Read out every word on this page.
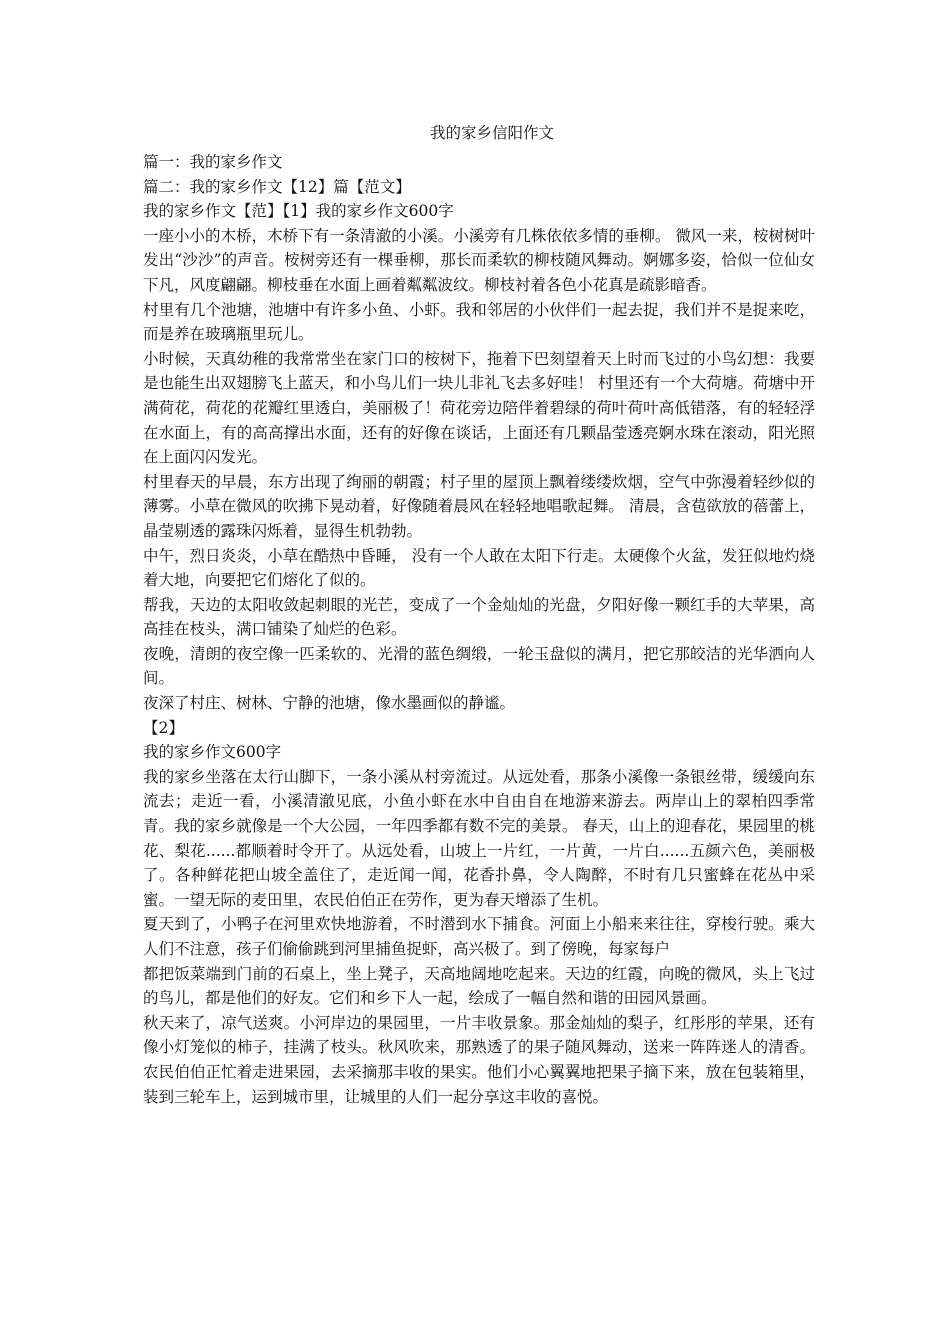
我的家乡信阳作文
篇一：我的家乡作文
篇二：我的家乡作文【12】篇【范文】
我的家乡作文【范】【1】我的家乡作文600字
一座小小的木桥，木桥下有一条清澈的小溪。小溪旁有几株依依多情的垂柳。 微风一来，桉树树叶发出“沙沙”的声音。桉树旁还有一棵垂柳，那长而柔软的柳枝随风舞动。婀娜多姿，恰似一位仙女下凡，风度翩翩。柳枝垂在水面上画着粼粼波纹。柳枝衬着各色小花真是疏影暗香。
村里有几个池塘，池塘中有许多小鱼、小虾。我和邻居的小伙伴们一起去捉，我们并不是捉来吃，而是养在玻璃瓶里玩儿。
小时候，天真幼稚的我常常坐在家门口的桉树下，拖着下巴刻望着天上时而飞过的小鸟幻想：我要是也能生出双翅膀飞上蓝天，和小鸟儿们一块儿非礼飞去多好哇！ 村里还有一个大荷塘。荷塘中开满荷花，荷花的花瓣红里透白，美丽极了！荷花旁边陪伴着碧绿的荷叶荷叶高低错落，有的轻轻浮在水面上，有的高高撑出水面，还有的好像在谈话，上面还有几颗晶莹透亮婀水珠在滚动，阳光照在上面闪闪发光。
村里春天的早晨，东方出现了绚丽的朝霞；村子里的屋顶上飘着缕缕炊烟，空气中弥漫着轻纱似的薄雾。小草在微风的吹拂下晃动着，好像随着晨风在轻轻地唱歌起舞。 清晨，含苞欲放的蓓蕾上，晶莹剔透的露珠闪烁着，显得生机勃勃。
中午，烈日炎炎，小草在酷热中昏睡， 没有一个人敢在太阳下行走。太硬像个火盆，发狂似地灼烧着大地，向要把它们熔化了似的。
帮我，天边的太阳收敛起刺眼的光芒，变成了一个金灿灿的光盘，夕阳好像一颗红手的大苹果，高高挂在枝头，满口铺染了灿烂的色彩。
夜晚，清朗的夜空像一匹柔软的、光滑的蓝色绸缎，一轮玉盘似的满月，把它那皎洁的光华洒向人间。
夜深了村庄、树林、宁静的池塘，像水墨画似的静谧。
【2】
我的家乡作文600字
我的家乡坐落在太行山脚下，一条小溪从村旁流过。从远处看，那条小溪像一条银丝带，缓缓向东流去；走近一看，小溪清澈见底，小鱼小虾在水中自由自在地游来游去。两岸山上的翠柏四季常青。我的家乡就像是一个大公园，一年四季都有数不完的美景。 春天，山上的迎春花，果园里的桃花、梨花......都顺着时令开了。从远处看，山坡上一片红，一片黄，一片白......五颜六色，美丽极了。各种鲜花把山坡全盖住了，走近闻一闻，花香扑鼻，令人陶醉，不时有几只蜜蜂在花丛中采蜜。一望无际的麦田里，农民伯伯正在劳作，更为春天增添了生机。
夏天到了，小鸭子在河里欢快地游着，不时潜到水下捕食。河面上小船来来往往，穿梭行驶。乘大人们不注意，孩子们偷偷跳到河里捕鱼捉虾，高兴极了。到了傍晚，每家每户
都把饭菜端到门前的石桌上，坐上凳子，天高地阔地吃起来。天边的红霞，向晚的微风，头上飞过的鸟儿，都是他们的好友。它们和乡下人一起，绘成了一幅自然和谐的田园风景画。
秋天来了，凉气送爽。小河岸边的果园里，一片丰收景象。那金灿灿的梨子，红彤彤的苹果，还有像小灯笼似的柿子，挂满了枝头。秋风吹来，那熟透了的果子随风舞动，送来一阵阵迷人的清香。农民伯伯正忙着走进果园，去采摘那丰收的果实。他们小心翼翼地把果子摘下来，放在包装箱里，装到三轮车上，运到城市里，让城里的人们一起分享这丰收的喜悦。
